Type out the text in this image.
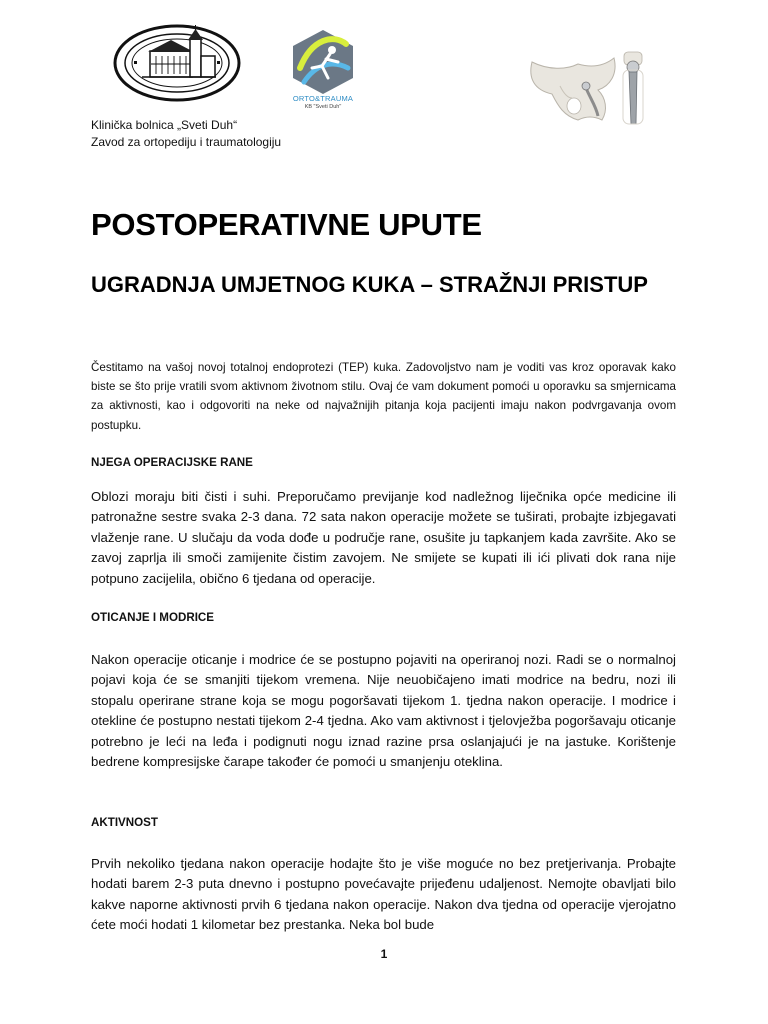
ORTO&TRAUMA
KB "Sveti Duh"
Klinička bolnica „Sveti Duh“
Zavod za ortopediju i traumatologiju
POSTOPERATIVNE UPUTE
UGRADNJA UMJETNOG KUKA – STRAŽNJI PRISTUP
Čestitamo na vašoj novoj totalnoj endoprotezi (TEP) kuka. Zadovoljstvo nam je voditi vas kroz oporavak kako biste se što prije vratili svom aktivnom životnom stilu. Ovaj će vam dokument pomoći u oporavku sa smjernicama za aktivnosti, kao i odgovoriti na neke od najvažnijih pitanja koja pacijenti imaju nakon podvrgavanja ovom postupku.
NJEGA OPERACIJSKE RANE
Oblozi moraju biti čisti i suhi. Preporučamo previjanje kod nadležnog liječnika opće medicine ili patronažne sestre svaka 2-3 dana. 72 sata nakon operacije možete se tuširati, probajte izbjegavati vlaženje rane. U slučaju da voda dođe u područje rane, osušite ju tapkanjem kada završite. Ako se zavoj zaprlja ili smoči zamijenite čistim zavojem. Ne smijete se kupati ili ići plivati dok rana nije potpuno zacijelila, obično 6 tjedana od operacije.
OTICANJE I MODRICE
Nakon operacije oticanje i modrice će se postupno pojaviti na operiranoj nozi. Radi se o normalnoj pojavi koja će se smanjiti tijekom vremena. Nije neuobičajeno imati modrice na bedru, nozi ili stopalu operirane strane koja se mogu pogoršavati tijekom 1. tjedna nakon operacije. I modrice i otekline će postupno nestati tijekom 2-4 tjedna. Ako vam aktivnost i tjelovježba pogoršavaju oticanje potrebno je leći na leđa i podignuti nogu iznad razine prsa oslanjajući je na jastuke. Korištenje bedrene kompresijske čarape također će pomoći u smanjenju oteklina.
AKTIVNOST
Prvih nekoliko tjedana nakon operacije hodajte što je više moguće no bez pretjerivanja. Probajte hodati barem 2-3 puta dnevno i postupno povećavajte prijeđenu udaljenost. Nemojte obavljati bilo kakve naporne aktivnosti prvih 6 tjedana nakon operacije. Nakon dva tjedna od operacije vjerojatno ćete moći hodati 1 kilometar bez prestanka. Neka bol bude
1
